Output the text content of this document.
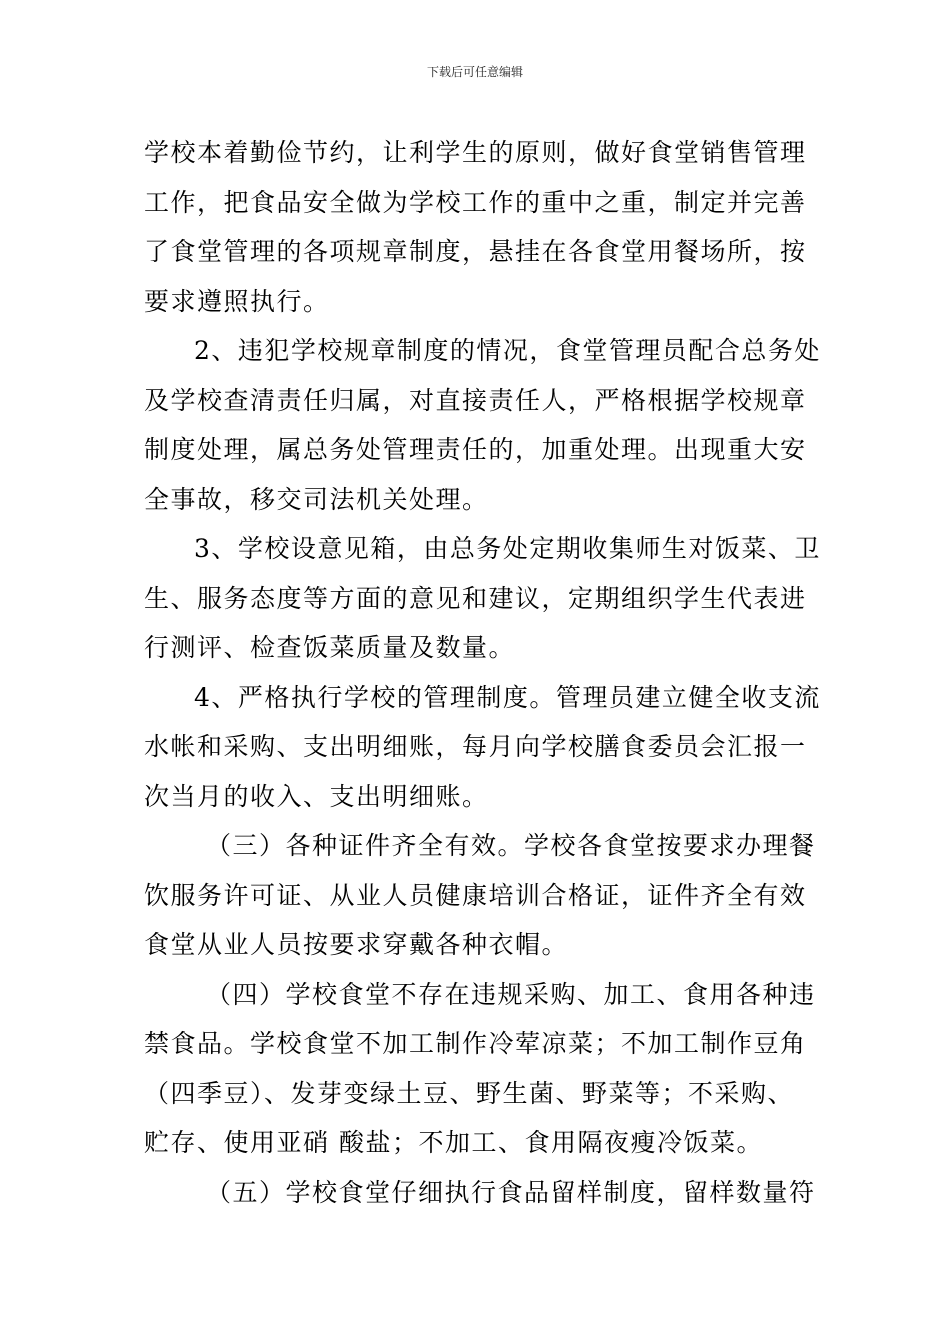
下载后可任意编辑
学校本着勤俭节约，让利学生的原则，做好食堂销售管理
工作，把食品安全做为学校工作的重中之重，制定并完善
了食堂管理的各项规章制度，悬挂在各食堂用餐场所，按
要求遵照执行。
2、违犯学校规章制度的情况，食堂管理员配合总务处
及学校查清责任归属，对直接责任人，严格根据学校规章
制度处理，属总务处管理责任的，加重处理。出现重大安
全事故，移交司法机关处理。
3、学校设意见箱，由总务处定期收集师生对饭菜、卫
生、服务态度等方面的意见和建议，定期组织学生代表进
行测评、检查饭菜质量及数量。
4、严格执行学校的管理制度。管理员建立健全收支流
水帐和采购、支出明细账，每月向学校膳食委员会汇报一
次当月的收入、支出明细账。
（三）各种证件齐全有效。学校各食堂按要求办理餐
饮服务许可证、从业人员健康培训合格证，证件齐全有效
食堂从业人员按要求穿戴各种衣帽。
（四）学校食堂不存在违规采购、加工、食用各种违
禁食品。学校食堂不加工制作冷荤凉菜；不加工制作豆角
（四季豆）、发芽变绿土豆、野生菌、野菜等；不采购、
贮存、使用亚硝 酸盐；不加工、食用隔夜瘦冷饭菜。
（五）学校食堂仔细执行食品留样制度，留样数量符
